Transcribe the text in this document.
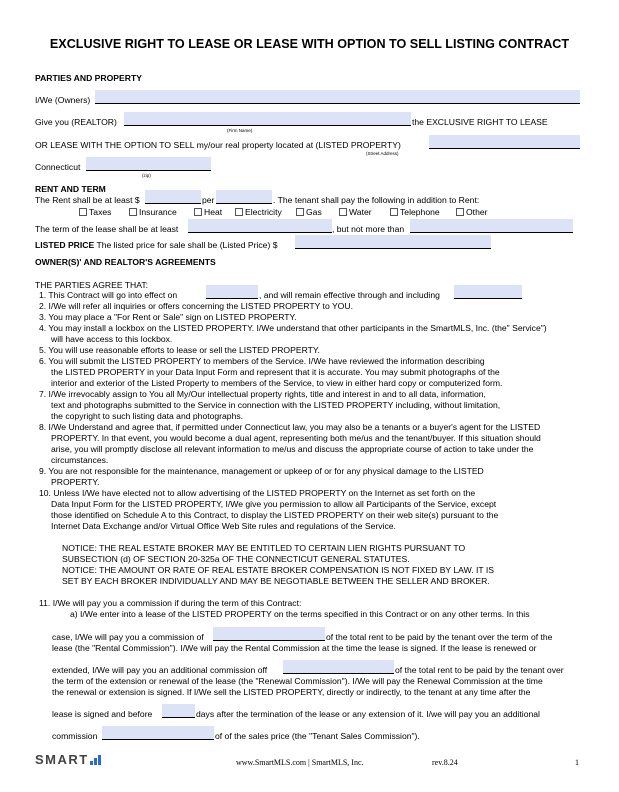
EXCLUSIVE RIGHT TO LEASE OR LEASE WITH OPTION TO SELL LISTING CONTRACT
PARTIES AND PROPERTY
I/We (Owners)
Give you (REALTOR)
(Firm Name)
the EXCLUSIVE RIGHT TO LEASE
OR LEASE WITH THE OPTION TO SELL my/our real property located at (LISTED PROPERTY)
(Street Address)
Connecticut
(zip)
RENT AND TERM
The Rent shall be at least $	per	. The tenant shall pay the following in addition to Rent:
Taxes	Insurance	Heat	Electricity	Gas	Water	Telephone	Other
The term of the lease shall be at least	, but not more than
LISTED PRICE The listed price for sale shall be (Listed Price) $
OWNER(S)' AND REALTOR'S AGREEMENTS
THE PARTIES AGREE THAT:
1. This Contract will go into effect on	, and will remain effective through and including
2. I/We will refer all inquiries or offers concerning the LISTED PROPERTY to YOU.
3. You may place a "For Rent or Sale" sign on LISTED PROPERTY.
4. You may install a lockbox on the LISTED PROPERTY. I/We understand that other participants in the SmartMLS, Inc. (the" Service")
will have access to this lockbox.
5. You will use reasonable efforts to lease or sell the LISTED PROPERTY.
6. You will submit the LISTED PROPERTY to members of the Service. I/We have reviewed the information describing
the LISTED PROPERTY in your Data Input Form and represent that it is accurate. You may submit photographs of the
interior and exterior of the Listed Property to members of the Service, to view in either hard copy or computerized form.
7. I/We irrevocably assign to You all My/Our intellectual property rights, title and interest in and to all data, information,
text and photographs submitted to the Service in connection with the LISTED PROPERTY including, without limitation,
the copyright to such listing data and photographs.
8. I/We Understand and agree that, if permitted under Connecticut law, you may also be a tenants or a buyer's agent for the LISTED
PROPERTY. In that event, you would become a dual agent, representing both me/us and the tenant/buyer. If this situation should
arise, you will promptly disclose all relevant information to me/us and discuss the appropriate course of action to take under the
circumstances.
9. You are not responsible for the maintenance, management or upkeep of or for any physical damage to the LISTED
PROPERTY.
10. Unless I/We have elected not to allow advertising of the LISTED PROPERTY on the Internet as set forth on the
Data Input Form for the LISTED PROPERTY, I/We give you permission to allow all Participants of the Service, except
those identified on Schedule A to this Contract, to display the LISTED PROPERTY on their web site(s) pursuant to the
Internet Data Exchange and/or Virtual Office Web Site rules and regulations of the Service.
NOTICE: THE REAL ESTATE BROKER MAY BE ENTITLED TO CERTAIN LIEN RIGHTS PURSUANT TO
SUBSECTION (d) OF SECTION 20-325a OF THE CONNECTICUT GENERAL STATUTES.
NOTICE: THE AMOUNT OR RATE OF REAL ESTATE BROKER COMPENSATION IS NOT FIXED BY LAW. IT IS
SET BY EACH BROKER INDIVIDUALLY AND MAY BE NEGOTIABLE BETWEEN THE SELLER AND BROKER.
11. I/We will pay you a commission if during the term of this Contract:
a) I/We enter into a lease of the LISTED PROPERTY on the terms specified in this Contract or on any other terms. In this
case, I/We will pay you a commission of	of the total rent to be paid by the tenant over the term of the
lease (the "Rental Commission"). I/We will pay the Rental Commission at the time the lease is signed. If the lease is renewed or
extended, I/We will pay you an additional commission off	of the total rent to be paid by the tenant over
the term of the extension or renewal of the lease (the "Renewal Commission"). I/We will pay the Renewal Commission at the time
the renewal or extension is signed. If I/We sell the LISTED PROPERTY, directly or indirectly, to the tenant at any time after the
lease is signed and before	days after the termination of the lease or any extension of it. I/we will pay you an additional
commission	of of the sales price (the "Tenant Sales Commission").
SMART	www.SmartMLS.com | SmartMLS, Inc.	rev.8.24	1
